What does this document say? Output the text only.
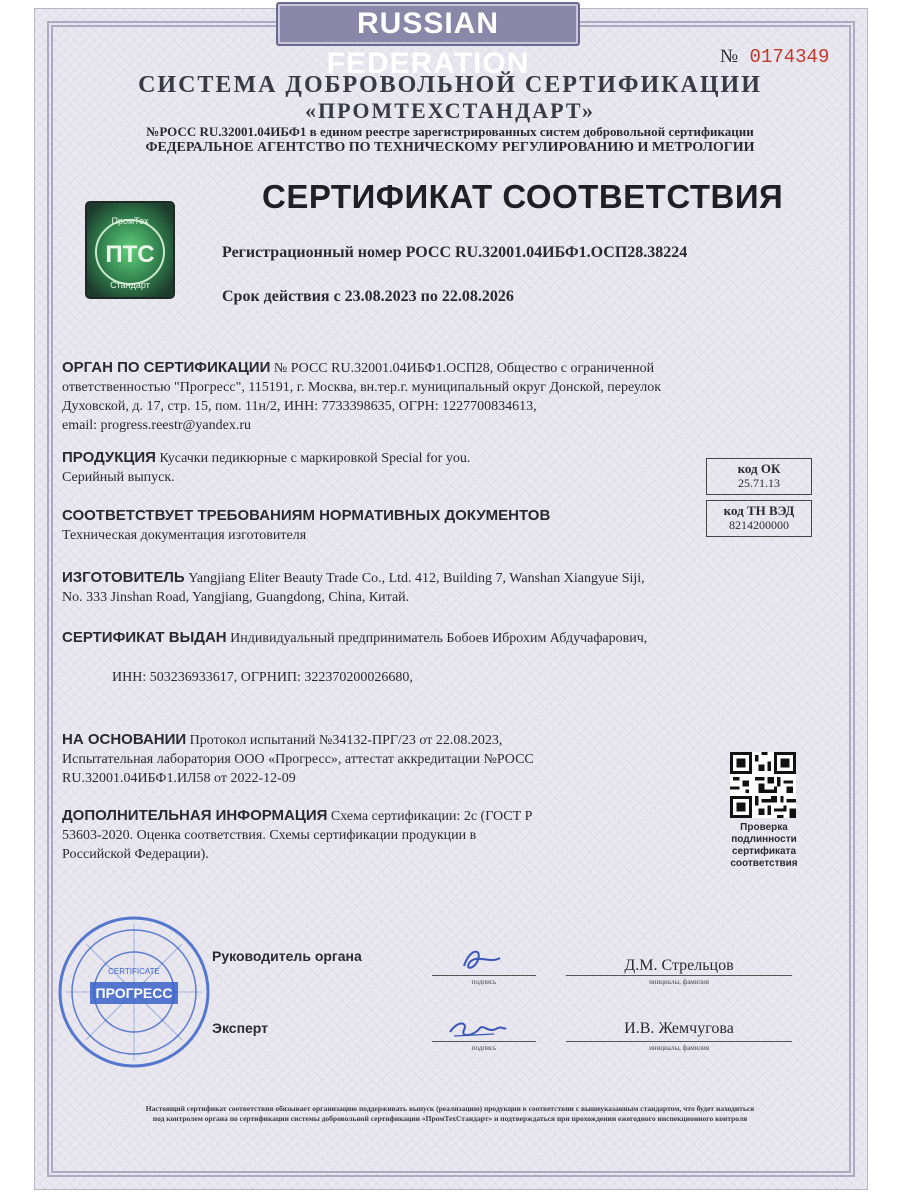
RUSSIAN FEDERATION	№ 0174349
СИСТЕМА ДОБРОВОЛЬНОЙ СЕРТИФИКАЦИИ
«ПРОМТЕХСТАНДАРТ»
№РОСС RU.32001.04ИБФ1 в едином реестре зарегистрированных систем добровольной сертификации
ФЕДЕРАЛЬНОЕ АГЕНТСТВО ПО ТЕХНИЧЕСКОМУ РЕГУЛИРОВАНИЮ И МЕТРОЛОГИИ
СЕРТИФИКАТ СООТВЕТСТВИЯ
ПромТех
ПТС
Стандарт
Регистрационный номер РОСС RU.32001.04ИБФ1.ОСП28.38224
Срок действия с 23.08.2023 по 22.08.2026
ОРГАН ПО СЕРТИФИКАЦИИ № РОСС RU.32001.04ИБФ1.ОСП28, Общество с ограниченной
ответственностью "Прогресс", 115191, г. Москва, вн.тер.г. муниципальный округ Донской, переулок
Духовской, д. 17, стр. 15, пом. 11н/2, ИНН: 7733398635, ОГРН: 1227700834613,
email: progress.reestr@yandex.ru
ПРОДУКЦИЯ Кусачки педикюрные с маркировкой Special for you.
Серийный выпуск.
код ОК
25.71.13
код ТН ВЭД
8214200000
СООТВЕТСТВУЕТ ТРЕБОВАНИЯМ НОРМАТИВНЫХ ДОКУМЕНТОВ
Техническая документация изготовителя
ИЗГОТОВИТЕЛЬ Yangjiang Eliter Beauty Trade Co., Ltd. 412, Building 7, Wanshan Xiangyue Siji,
No. 333 Jinshan Road, Yangjiang, Guangdong, China, Китай.
СЕРТИФИКАТ ВЫДАН Индивидуальный предприниматель Бобоев Иброхим Абдучафарович,
ИНН: 503236933617, ОГРНИП: 322370200026680,
НА ОСНОВАНИИ Протокол испытаний №34132-ПРГ/23 от 22.08.2023,
Испытательная лаборатория ООО «Прогресс», аттестат аккредитации №РОСС
RU.32001.04ИБФ1.ИЛ58 от 2022-12-09
ДОПОЛНИТЕЛЬНАЯ ИНФОРМАЦИЯ Схема сертификации: 2с (ГОСТ Р
53603-2020. Оценка соответствия. Схемы сертификации продукции в
Российской Федерации).
Проверка
подлинности
сертификата
соответствия
ПРОГРЕСС
CERTIFICATE
Руководитель органа
подпись
Д.М. Стрельцов
инициалы, фамилия
Эксперт
подпись
И.В. Жемчугова
инициалы, фамилия
Настоящий сертификат соответствия обязывает организацию поддерживать выпуск (реализацию) продукции в соответствии с вышеуказанным стандартом, что будет находиться
под контролем органа по сертификации системы добровольной сертификации «ПромТехСтандарт» и подтверждаться при прохождении ежегодного инспекционного контроля
